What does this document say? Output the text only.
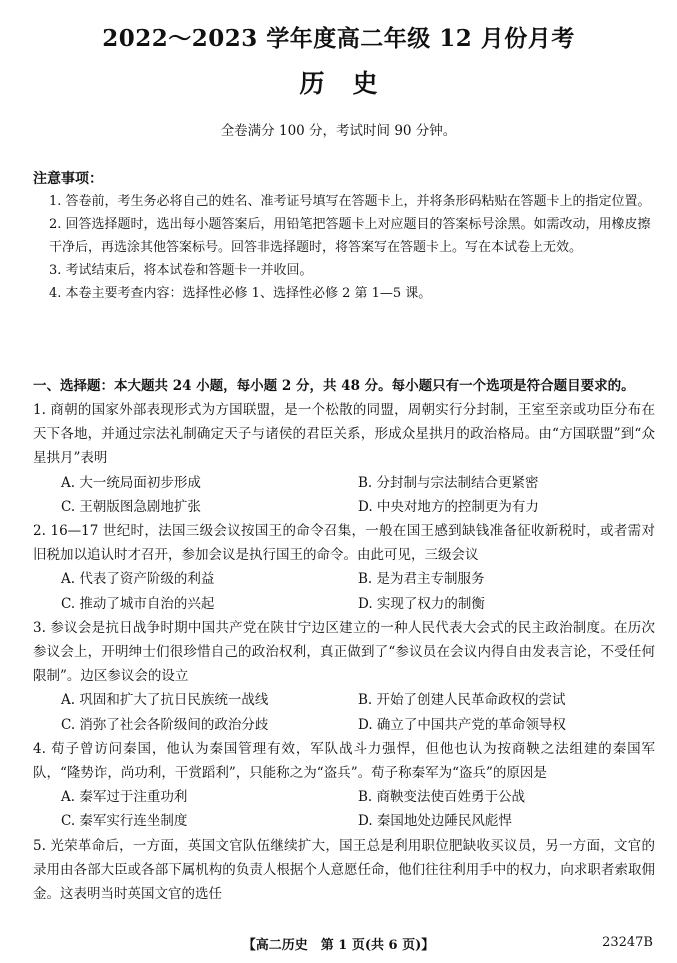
2022～2023 学年度高二年级 12 月份月考
历史
全卷满分 100 分，考试时间 90 分钟。
注意事项：

1. 答卷前，考生务必将自己的姓名、准考证号填写在答题卡上，并将条形码粘贴在答题卡上的指定位置。

2. 回答选择题时，选出每小题答案后，用铅笔把答题卡上对应题目的答案标号涂黑。如需改动，用橡皮擦干净后，再选涂其他答案标号。回答非选择题时，将答案写在答题卡上。写在本试卷上无效。

3. 考试结束后，将本试卷和答题卡一并收回。

4. 本卷主要考查内容：选择性必修 1、选择性必修 2 第 1—5 课。

一、选择题：本大题共 24 小题，每小题 2 分，共 48 分。每小题只有一个选项是符合题目要求的。

1. 商朝的国家外部表现形式为方国联盟，是一个松散的同盟，周朝实行分封制，王室至亲或功臣分布在天下各地，并通过宗法礼制确定天子与诸侯的君臣关系，形成众星拱月的政治格局。由“方国联盟”到“众星拱月”表明

A. 大一统局面初步形成	B. 分封制与宗法制结合更紧密
C. 王朝版图急剧地扩张	D. 中央对地方的控制更为有力

2. 16—17 世纪时，法国三级会议按国王的命令召集，一般在国王感到缺钱准备征收新税时，或者需对旧税加以追认时才召开，参加会议是执行国王的命令。由此可见，三级会议

A. 代表了资产阶级的利益	B. 是为君主专制服务
C. 推动了城市自治的兴起	D. 实现了权力的制衡

3. 参议会是抗日战争时期中国共产党在陕甘宁边区建立的一种人民代表大会式的民主政治制度。在历次参议会上，开明绅士们很珍惜自己的政治权利，真正做到了“参议员在会议内得自由发表言论，不受任何限制”。边区参议会的设立

A. 巩固和扩大了抗日民族统一战线	B. 开始了创建人民革命政权的尝试
C. 消弥了社会各阶级间的政治分歧	D. 确立了中国共产党的革命领导权

4. 荀子曾访问秦国，他认为秦国管理有效，军队战斗力强悍，但他也认为按商鞅之法组建的秦国军队，“隆势诈，尚功利，干赏蹈利”，只能称之为“盗兵”。荀子称秦军为“盗兵”的原因是

A. 秦军过于注重功利	B. 商鞅变法使百姓勇于公战
C. 秦军实行连坐制度	D. 秦国地处边陲民风彪悍

5. 光荣革命后，一方面，英国文官队伍继续扩大，国王总是利用职位肥缺收买议员，另一方面，文官的录用由各部大臣或各部下属机构的负责人根据个人意愿任命，他们往往利用手中的权力，向求职者索取佣金。这表明当时英国文官的选任

【高二历史　第 1 页(共 6 页)】	23247B
